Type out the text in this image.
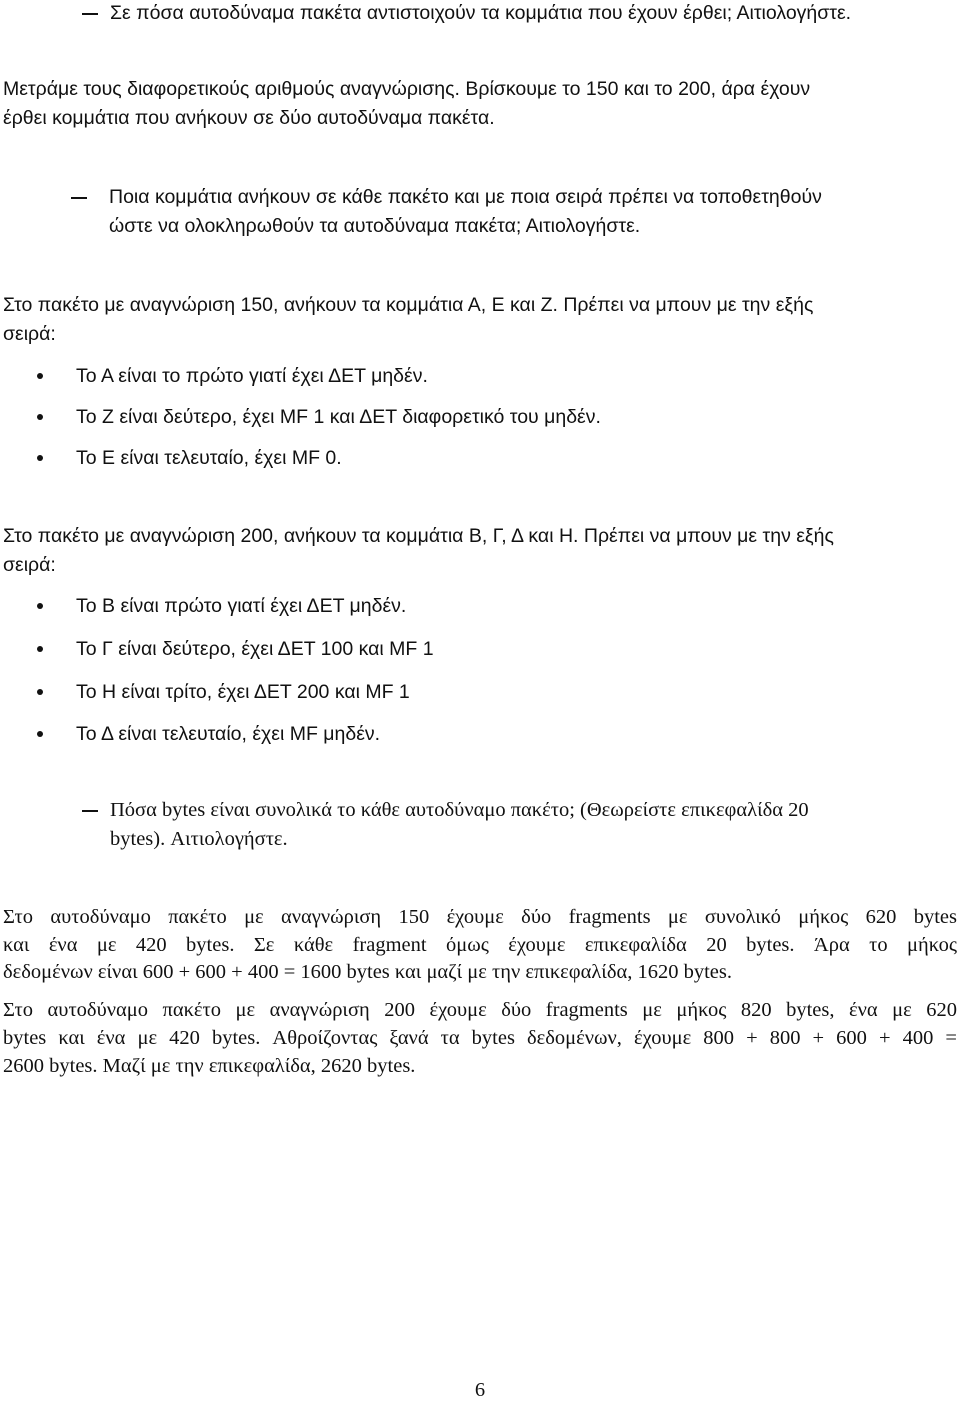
Σε πόσα αυτοδύναμα πακέτα αντιστοιχούν τα κομμάτια που έχουν έρθει; Αιτιολογήστε.
Μετράμε τους διαφορετικούς αριθμούς αναγνώρισης. Βρίσκουμε το 150 και το 200, άρα έχουν
έρθει κομμάτια που ανήκουν σε δύο αυτοδύναμα πακέτα.
Ποια κομμάτια ανήκουν σε κάθε πακέτο και με ποια σειρά πρέπει να τοποθετηθούν
ώστε να ολοκληρωθούν τα αυτοδύναμα πακέτα; Αιτιολογήστε.
Στο πακέτο με αναγνώριση 150, ανήκουν τα κομμάτια Α, Ε και Ζ. Πρέπει να μπουν με την εξής
σειρά:
Το Α είναι το πρώτο γιατί έχει ΔΕΤ μηδέν.
Το Ζ είναι δεύτερο, έχει MF 1 και ΔΕΤ διαφορετικό του μηδέν.
Το Ε είναι τελευταίο, έχει MF 0.
Στο πακέτο με αναγνώριση 200, ανήκουν τα κομμάτια Β, Γ, Δ και Η. Πρέπει να μπουν με την εξής
σειρά:
Το Β είναι πρώτο γιατί έχει ΔΕΤ μηδέν.
Το Γ είναι δεύτερο, έχει ΔΕΤ 100 και MF 1
Το Η είναι τρίτο, έχει ΔΕΤ 200 και MF 1
Το Δ είναι τελευταίο, έχει MF μηδέν.
Πόσα bytes είναι συνολικά το κάθε αυτοδύναμο πακέτο; (Θεωρείστε επικεφαλίδα 20
bytes). Αιτιολογήστε.
Στο αυτοδύναμο πακέτο με αναγνώριση 150 έχουμε δύο fragments με συνολικό μήκος 620 bytes
και ένα με 420 bytes. Σε κάθε fragment όμως έχουμε επικεφαλίδα 20 bytes. Άρα το μήκος
δεδομένων είναι 600 + 600 + 400 = 1600 bytes και μαζί με την επικεφαλίδα, 1620 bytes.
Στο αυτοδύναμο πακέτο με αναγνώριση 200 έχουμε δύο fragments με μήκος 820 bytes, ένα με 620
bytes και ένα με 420 bytes. Αθροίζοντας ξανά τα bytes δεδομένων, έχουμε 800 + 800 + 600 + 400 =
2600 bytes. Μαζί με την επικεφαλίδα, 2620 bytes.
6
